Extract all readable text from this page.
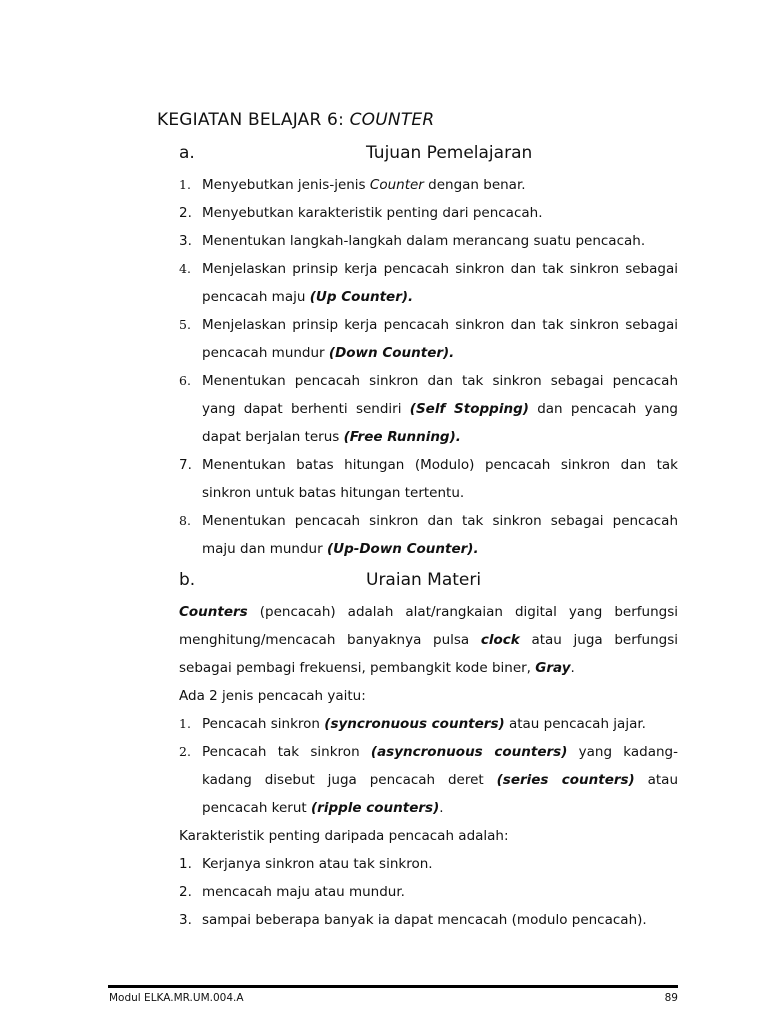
KEGIATAN BELAJAR 6: COUNTER
a.	Tujuan Pemelajaran
1. Menyebutkan jenis-jenis Counter dengan benar.
2. Menyebutkan karakteristik penting dari pencacah.
3. Menentukan langkah-langkah dalam merancang suatu pencacah.
4. Menjelaskan prinsip kerja pencacah sinkron dan tak sinkron sebagai pencacah maju (Up Counter).
5. Menjelaskan prinsip kerja pencacah sinkron dan tak sinkron sebagai pencacah mundur (Down Counter).
6. Menentukan pencacah sinkron dan tak sinkron sebagai pencacah yang dapat berhenti sendiri (Self Stopping) dan pencacah yang dapat berjalan terus (Free Running).
7. Menentukan batas hitungan (Modulo) pencacah sinkron dan tak sinkron untuk batas hitungan tertentu.
8. Menentukan pencacah sinkron dan tak sinkron sebagai pencacah maju dan mundur (Up-Down Counter).
b.	Uraian Materi
Counters (pencacah) adalah alat/rangkaian digital yang berfungsi menghitung/mencacah banyaknya pulsa clock atau juga berfungsi sebagai pembagi frekuensi, pembangkit kode biner, Gray.
Ada 2 jenis pencacah yaitu:
1. Pencacah sinkron (syncronuous counters) atau pencacah jajar.
2. Pencacah tak sinkron (asyncronuous counters) yang kadang-kadang disebut juga pencacah deret (series counters) atau pencacah kerut (ripple counters).
Karakteristik penting daripada pencacah adalah:
1. Kerjanya sinkron atau tak sinkron.
2. mencacah maju atau mundur.
3. sampai beberapa banyak ia dapat mencacah (modulo pencacah).
Modul ELKA.MR.UM.004.A	89
